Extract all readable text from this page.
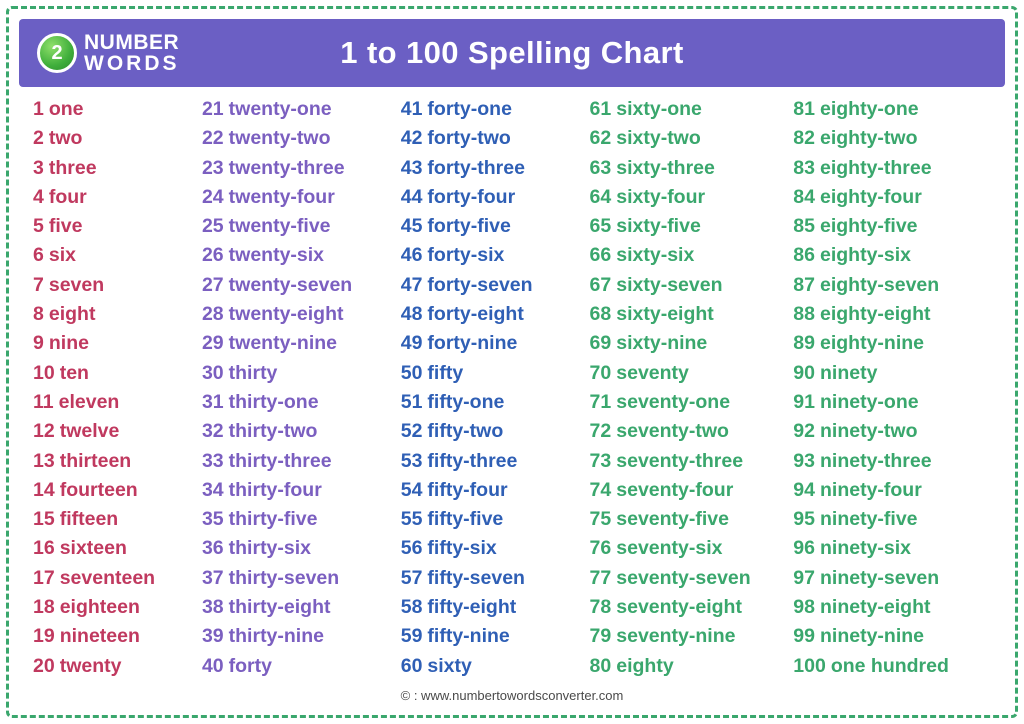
2 NUMBER
WORDS	1 to 100 Spelling Chart
1 one
2 two
3 three
4 four
5 five
6 six
7 seven
8 eight
9 nine
10 ten
11 eleven
12 twelve
13 thirteen
14 fourteen
15 fifteen
16 sixteen
17 seventeen
18 eighteen
19 nineteen
20 twenty
21 twenty-one
22 twenty-two
23 twenty-three
24 twenty-four
25 twenty-five
26 twenty-six
27 twenty-seven
28 twenty-eight
29 twenty-nine
30 thirty
31 thirty-one
32 thirty-two
33 thirty-three
34 thirty-four
35 thirty-five
36 thirty-six
37 thirty-seven
38 thirty-eight
39 thirty-nine
40 forty
41 forty-one
42 forty-two
43 forty-three
44 forty-four
45 forty-five
46 forty-six
47 forty-seven
48 forty-eight
49 forty-nine
50 fifty
51 fifty-one
52 fifty-two
53 fifty-three
54 fifty-four
55 fifty-five
56 fifty-six
57 fifty-seven
58 fifty-eight
59 fifty-nine
60 sixty
61 sixty-one
62 sixty-two
63 sixty-three
64 sixty-four
65 sixty-five
66 sixty-six
67 sixty-seven
68 sixty-eight
69 sixty-nine
70 seventy
71 seventy-one
72 seventy-two
73 seventy-three
74 seventy-four
75 seventy-five
76 seventy-six
77 seventy-seven
78 seventy-eight
79 seventy-nine
80 eighty
81 eighty-one
82 eighty-two
83 eighty-three
84 eighty-four
85 eighty-five
86 eighty-six
87 eighty-seven
88 eighty-eight
89 eighty-nine
90 ninety
91 ninety-one
92 ninety-two
93 ninety-three
94 ninety-four
95 ninety-five
96 ninety-six
97 ninety-seven
98 ninety-eight
99 ninety-nine
100 one hundred
© : www.numbertowordsconverter.com
